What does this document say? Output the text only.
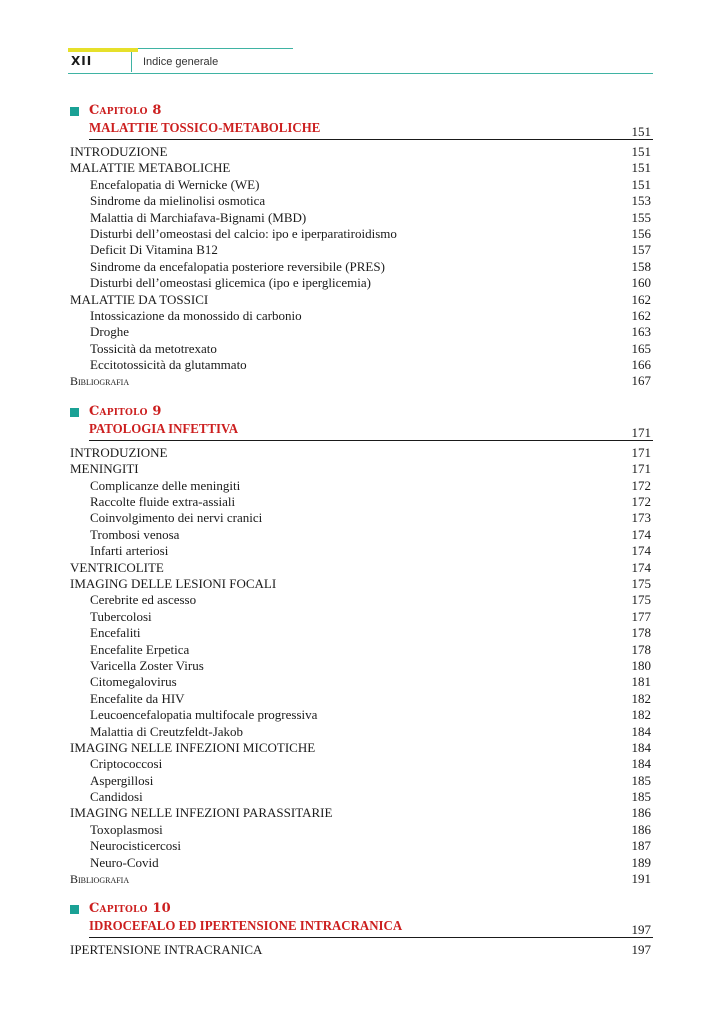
XII	Indice generale
Capitolo 8
MALATTIE TOSSICO-METABOLICHE	151
INTRODUZIONE	151
MALATTIE METABOLICHE	151
Encefalopatia di Wernicke (WE)	151
Sindrome da mielinolisi osmotica	153
Malattia di Marchiafava-Bignami (MBD)	155
Disturbi dell’omeostasi del calcio: ipo e iperparatiroidismo	156
Deficit Di Vitamina B12	157
Sindrome da encefalopatia posteriore reversibile (PRES)	158
Disturbi dell’omeostasi glicemica (ipo e iperglicemia)	160
MALATTIE DA TOSSICI	162
Intossicazione da monossido di carbonio	162
Droghe	163
Tossicità da metotrexato	165
Eccitotossicità da glutammato	166
Bibliografia	167
Capitolo 9
PATOLOGIA INFETTIVA	171
INTRODUZIONE	171
MENINGITI	171
Complicanze delle meningiti	172
Raccolte fluide extra-assiali	172
Coinvolgimento dei nervi cranici	173
Trombosi venosa	174
Infarti arteriosi	174
VENTRICOLITE	174
IMAGING DELLE LESIONI FOCALI	175
Cerebrite ed ascesso	175
Tubercolosi	177
Encefaliti	178
Encefalite Erpetica	178
Varicella Zoster Virus	180
Citomegalovirus	181
Encefalite da HIV	182
Leucoencefalopatia multifocale progressiva	182
Malattia di Creutzfeldt-Jakob	184
IMAGING NELLE INFEZIONI MICOTICHE	184
Criptococcosi	184
Aspergillosi	185
Candidosi	185
IMAGING NELLE INFEZIONI PARASSITARIE	186
Toxoplasmosi	186
Neurocisticercosi	187
Neuro-Covid	189
Bibliografia	191
Capitolo 10
IDROCEFALO ED IPERTENSIONE INTRACRANICA	197
IPERTENSIONE INTRACRANICA	197
